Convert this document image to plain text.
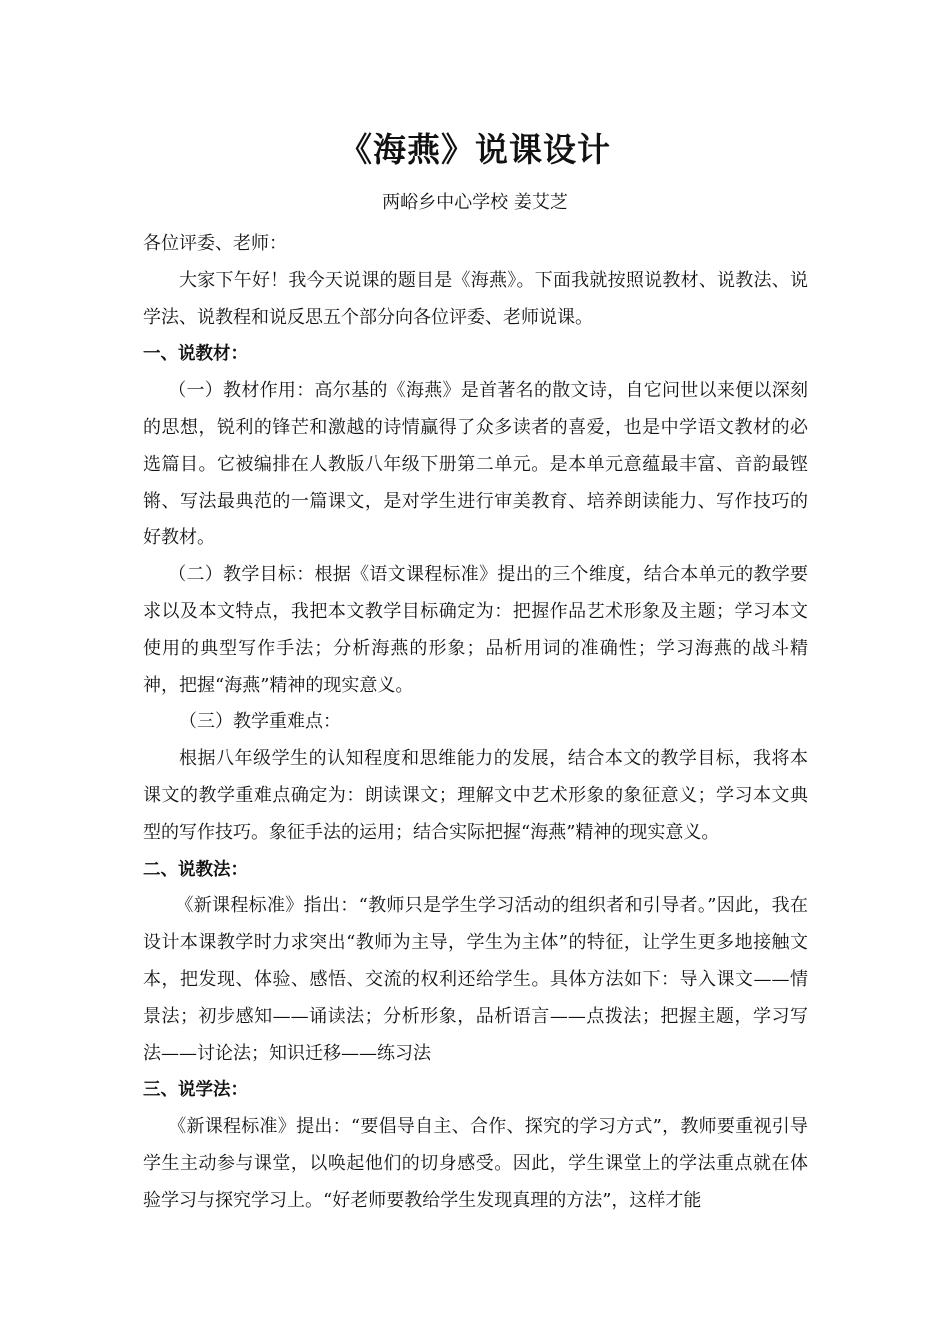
《海燕》说课设计
两峪乡中心学校 姜艾芝

各位评委、老师：

大家下午好！我今天说课的题目是《海燕》。下面我就按照说教材、说教法、说学法、说教程和说反思五个部分向各位评委、老师说课。

一、说教材：

（一）教材作用：高尔基的《海燕》是首著名的散文诗，自它问世以来便以深刻的思想，锐利的锋芒和激越的诗情赢得了众多读者的喜爱，也是中学语文教材的必选篇目。它被编排在人教版八年级下册第二单元。是本单元意蕴最丰富、音韵最铿锵、写法最典范的一篇课文，是对学生进行审美教育、培养朗读能力、写作技巧的好教材。

（二）教学目标：根据《语文课程标准》提出的三个维度，结合本单元的教学要求以及本文特点，我把本文教学目标确定为：把握作品艺术形象及主题；学习本文使用的典型写作手法；分析海燕的形象；品析用词的准确性；学习海燕的战斗精神，把握“海燕”精神的现实意义。

（三）教学重难点：

根据八年级学生的认知程度和思维能力的发展，结合本文的教学目标，我将本课文的教学重难点确定为：朗读课文；理解文中艺术形象的象征意义；学习本文典型的写作技巧。象征手法的运用；结合实际把握“海燕”精神的现实意义。

二、说教法：

《新课程标准》指出：“教师只是学生学习活动的组织者和引导者。”因此，我在设计本课教学时力求突出“教师为主导，学生为主体”的特征，让学生更多地接触文本，把发现、体验、感悟、交流的权利还给学生。具体方法如下：导入课文——情景法；初步感知——诵读法；分析形象，品析语言——点拨法；把握主题，学习写法——讨论法；知识迁移——练习法

三、说学法：

《新课程标准》提出：“要倡导自主、合作、探究的学习方式”，教师要重视引导学生主动参与课堂，以唤起他们的切身感受。因此，学生课堂上的学法重点就在体验学习与探究学习上。“好老师要教给学生发现真理的方法”，这样才能
